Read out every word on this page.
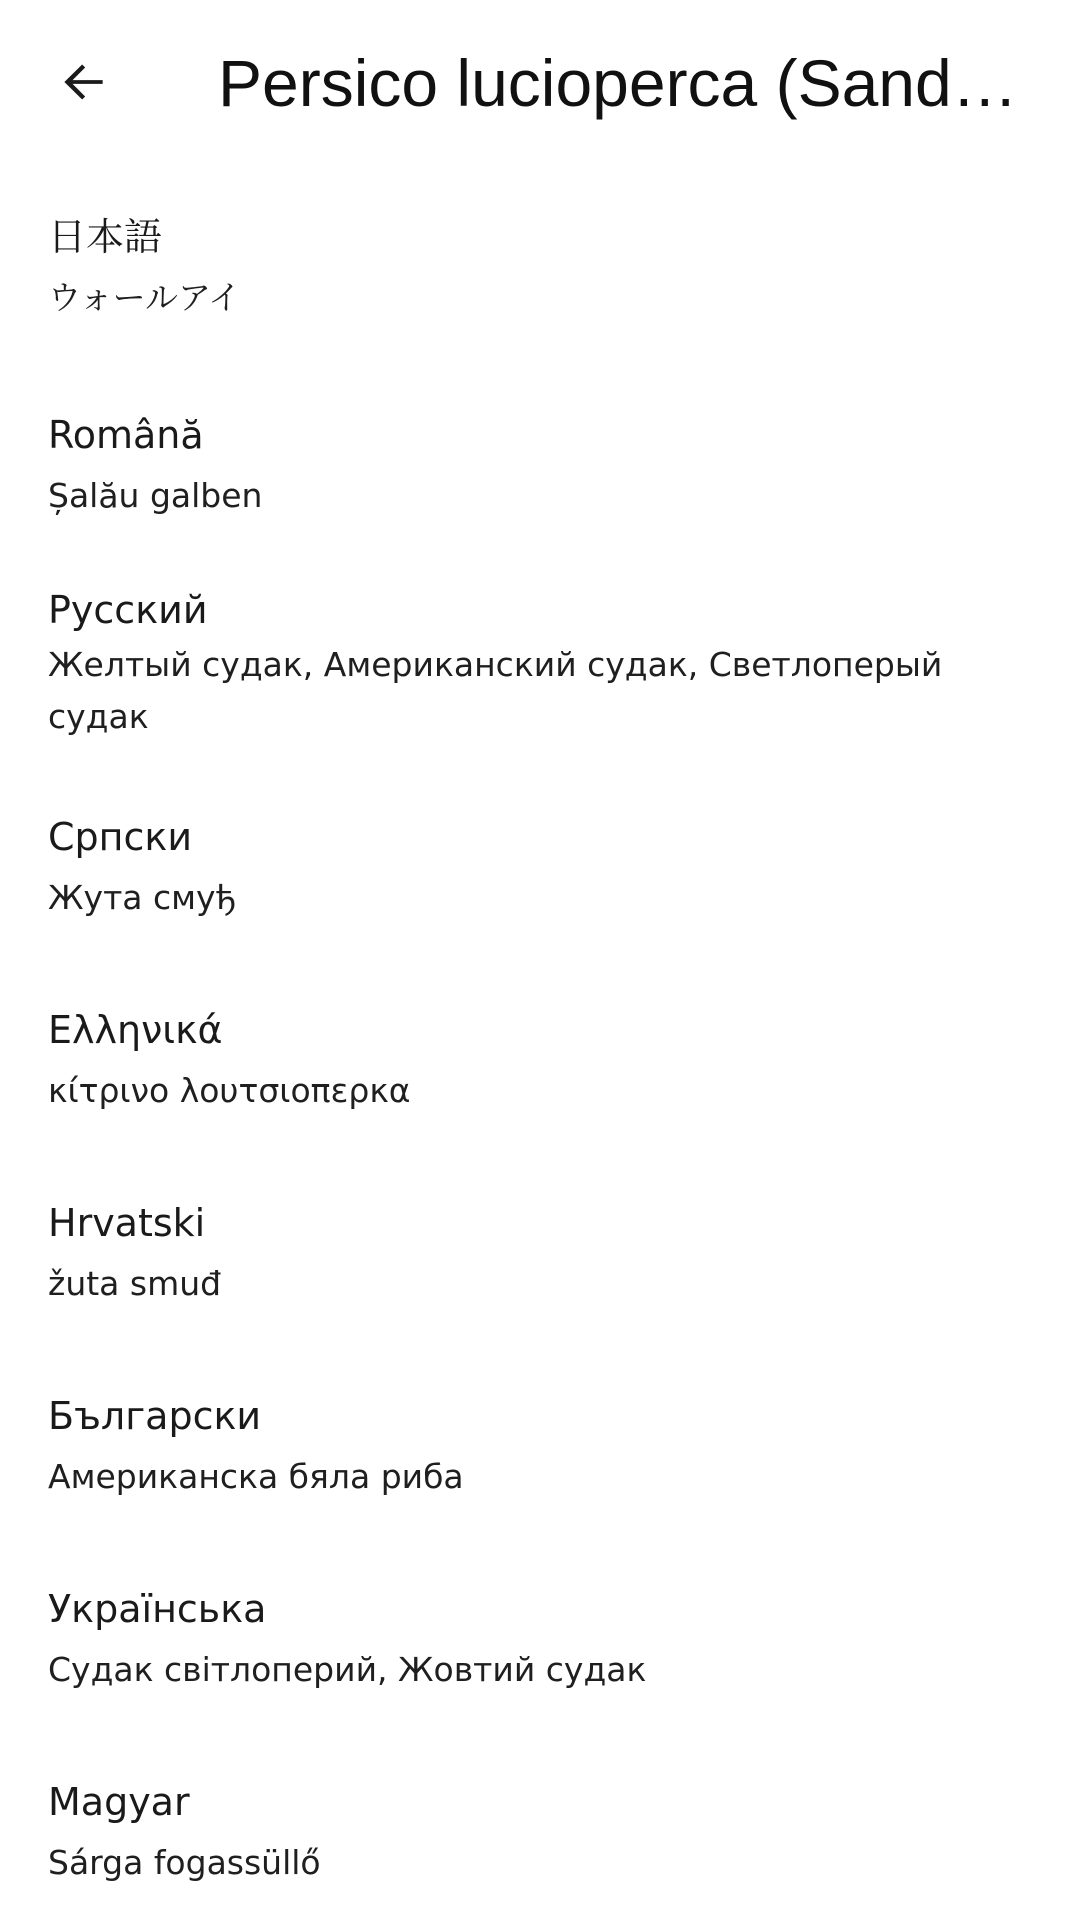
Persico lucioperca (Sand…
日本語
ウォールアイ
Română
Șalău galben
Русский
Желтый судак, Американский судак, Светлоперый судак
Српски
Жута смуђ
Ελληνικά
κίτρινο λουτσιοπερκα
Hrvatski
žuta smuđ
Български
Американска бяла риба
Українська
Судак світлоперий, Жовтий судак
Magyar
Sárga fogassüllő
